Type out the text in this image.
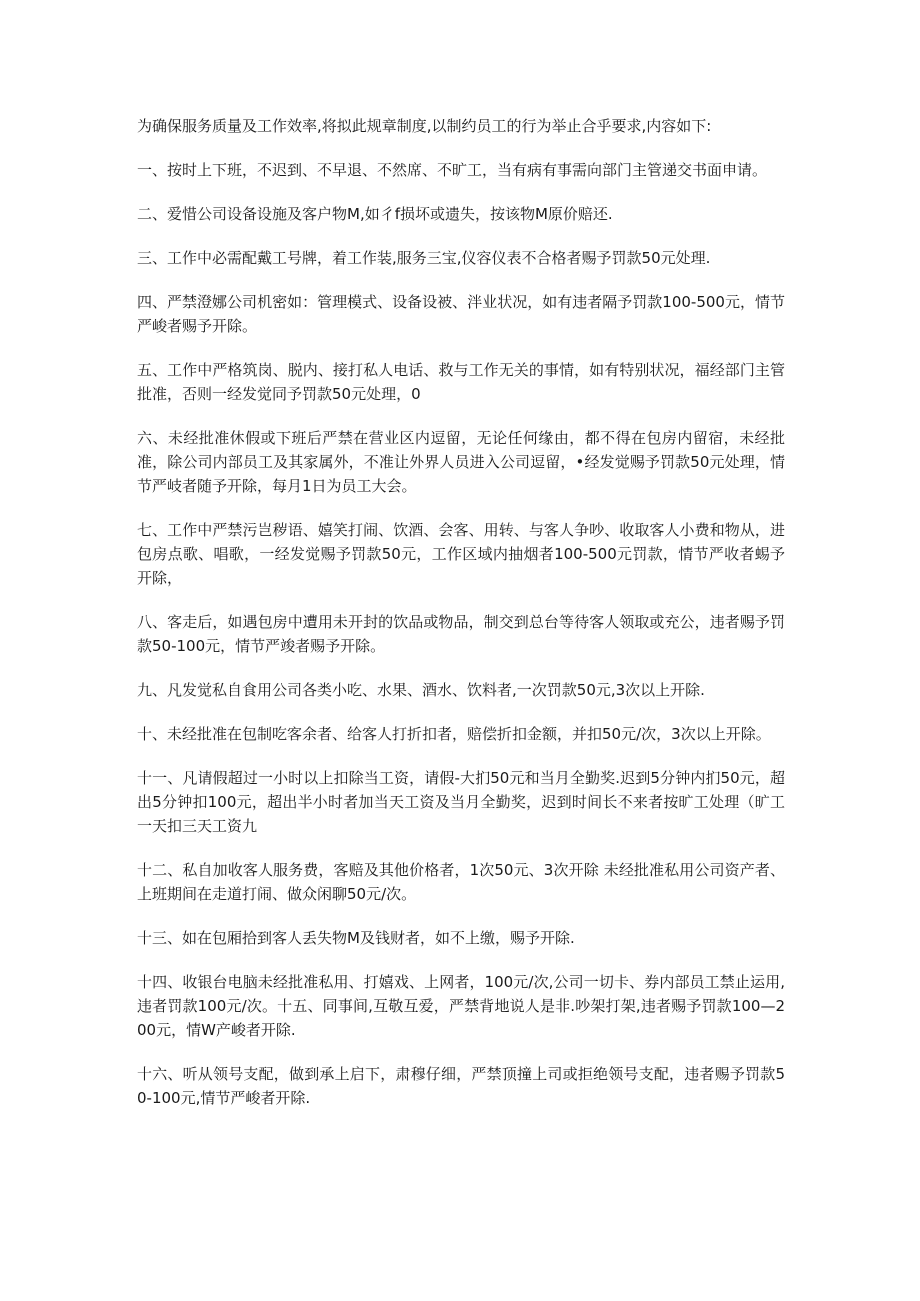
为确保服务质量及工作效率,将拟此规章制度,以制约员工的行为举止合乎要求,内容如下:

一、按时上下班，不迟到、不早退、不然席、不旷工，当有病有事需向部门主管递交书面申请。

二、爱惜公司设备设施及客户物M,如彳f损坏或遗失，按该物M原价赔还.

三、工作中必需配戴工号牌，着工作装,服务三宝,仪容仪表不合格者赐予罚款50元处理.

四、严禁澄娜公司机密如：管理模式、设备设被、泮业状况，如有违者隔予罚款100-500元，情节严峻者赐予开除。

五、工作中严格筑岗、脱内、接打私人电话、救与工作无关的事情，如有特别状况，福经部门主管批准，否则一经发觉同予罚款50元处理，0

六、未经批准休假或下班后严禁在营业区内逗留，无论任何缘由，都不得在包房内留宿，未经批准，除公司内部员工及其家属外，不准让外界人员进入公司逗留，•经发觉赐予罚款50元处理，情节严岐者随予开除，每月1日为员工大会。

七、工作中严禁污岂秽语、嬉笑打闹、饮酒、会客、用转、与客人争吵、收取客人小费和物从，进包房点歌、唱歌，一经发觉赐予罚款50元，工作区域内抽烟者100-500元罚款，情节严收者蜴予开除，

八、客走后，如遇包房中遭用未开封的饮品或物品，制交到总台等待客人领取或充公，违者赐予罚款50-100元，情节严竣者赐予开除。

九、凡发觉私自食用公司各类小吃、水果、酒水、饮料者,一次罚款50元,3次以上开除.

十、未经批准在包制吃客余者、给客人打折扣者，赔偿折扣金额，并扣50元/次，3次以上开除。

十一、凡请假超过一小时以上扣除当工资，请假-大扪50元和当月全勤奖.迟到5分钟内扪50元，超出5分钟扣100元，超出半小时者加当天工资及当月全勤奖，迟到时间长不来者按旷工处理（旷工一天扣三天工资九

十二、私自加收客人服务费，客赔及其他价格者，1次50元、3次开除 未经批准私用公司资产者、上班期间在走道打闹、做众闲聊50元/次。

十三、如在包厢拾到客人丢失物M及钱财者，如不上缴，赐予开除.

十四、收银台电脑未经批准私用、打嬉戏、上网者，100元/次,公司一切卡、券内部员工禁止运用,违者罚款100元/次。十五、同事间,互敬互爱，严禁背地说人是非.吵架打架,违者赐予罚款100—200元，情W产峻者开除.

十六、听从领号支配，做到承上启下，肃穆仔细，严禁顶撞上司或拒绝领号支配，违者赐予罚款50-100元,情节严峻者开除.
